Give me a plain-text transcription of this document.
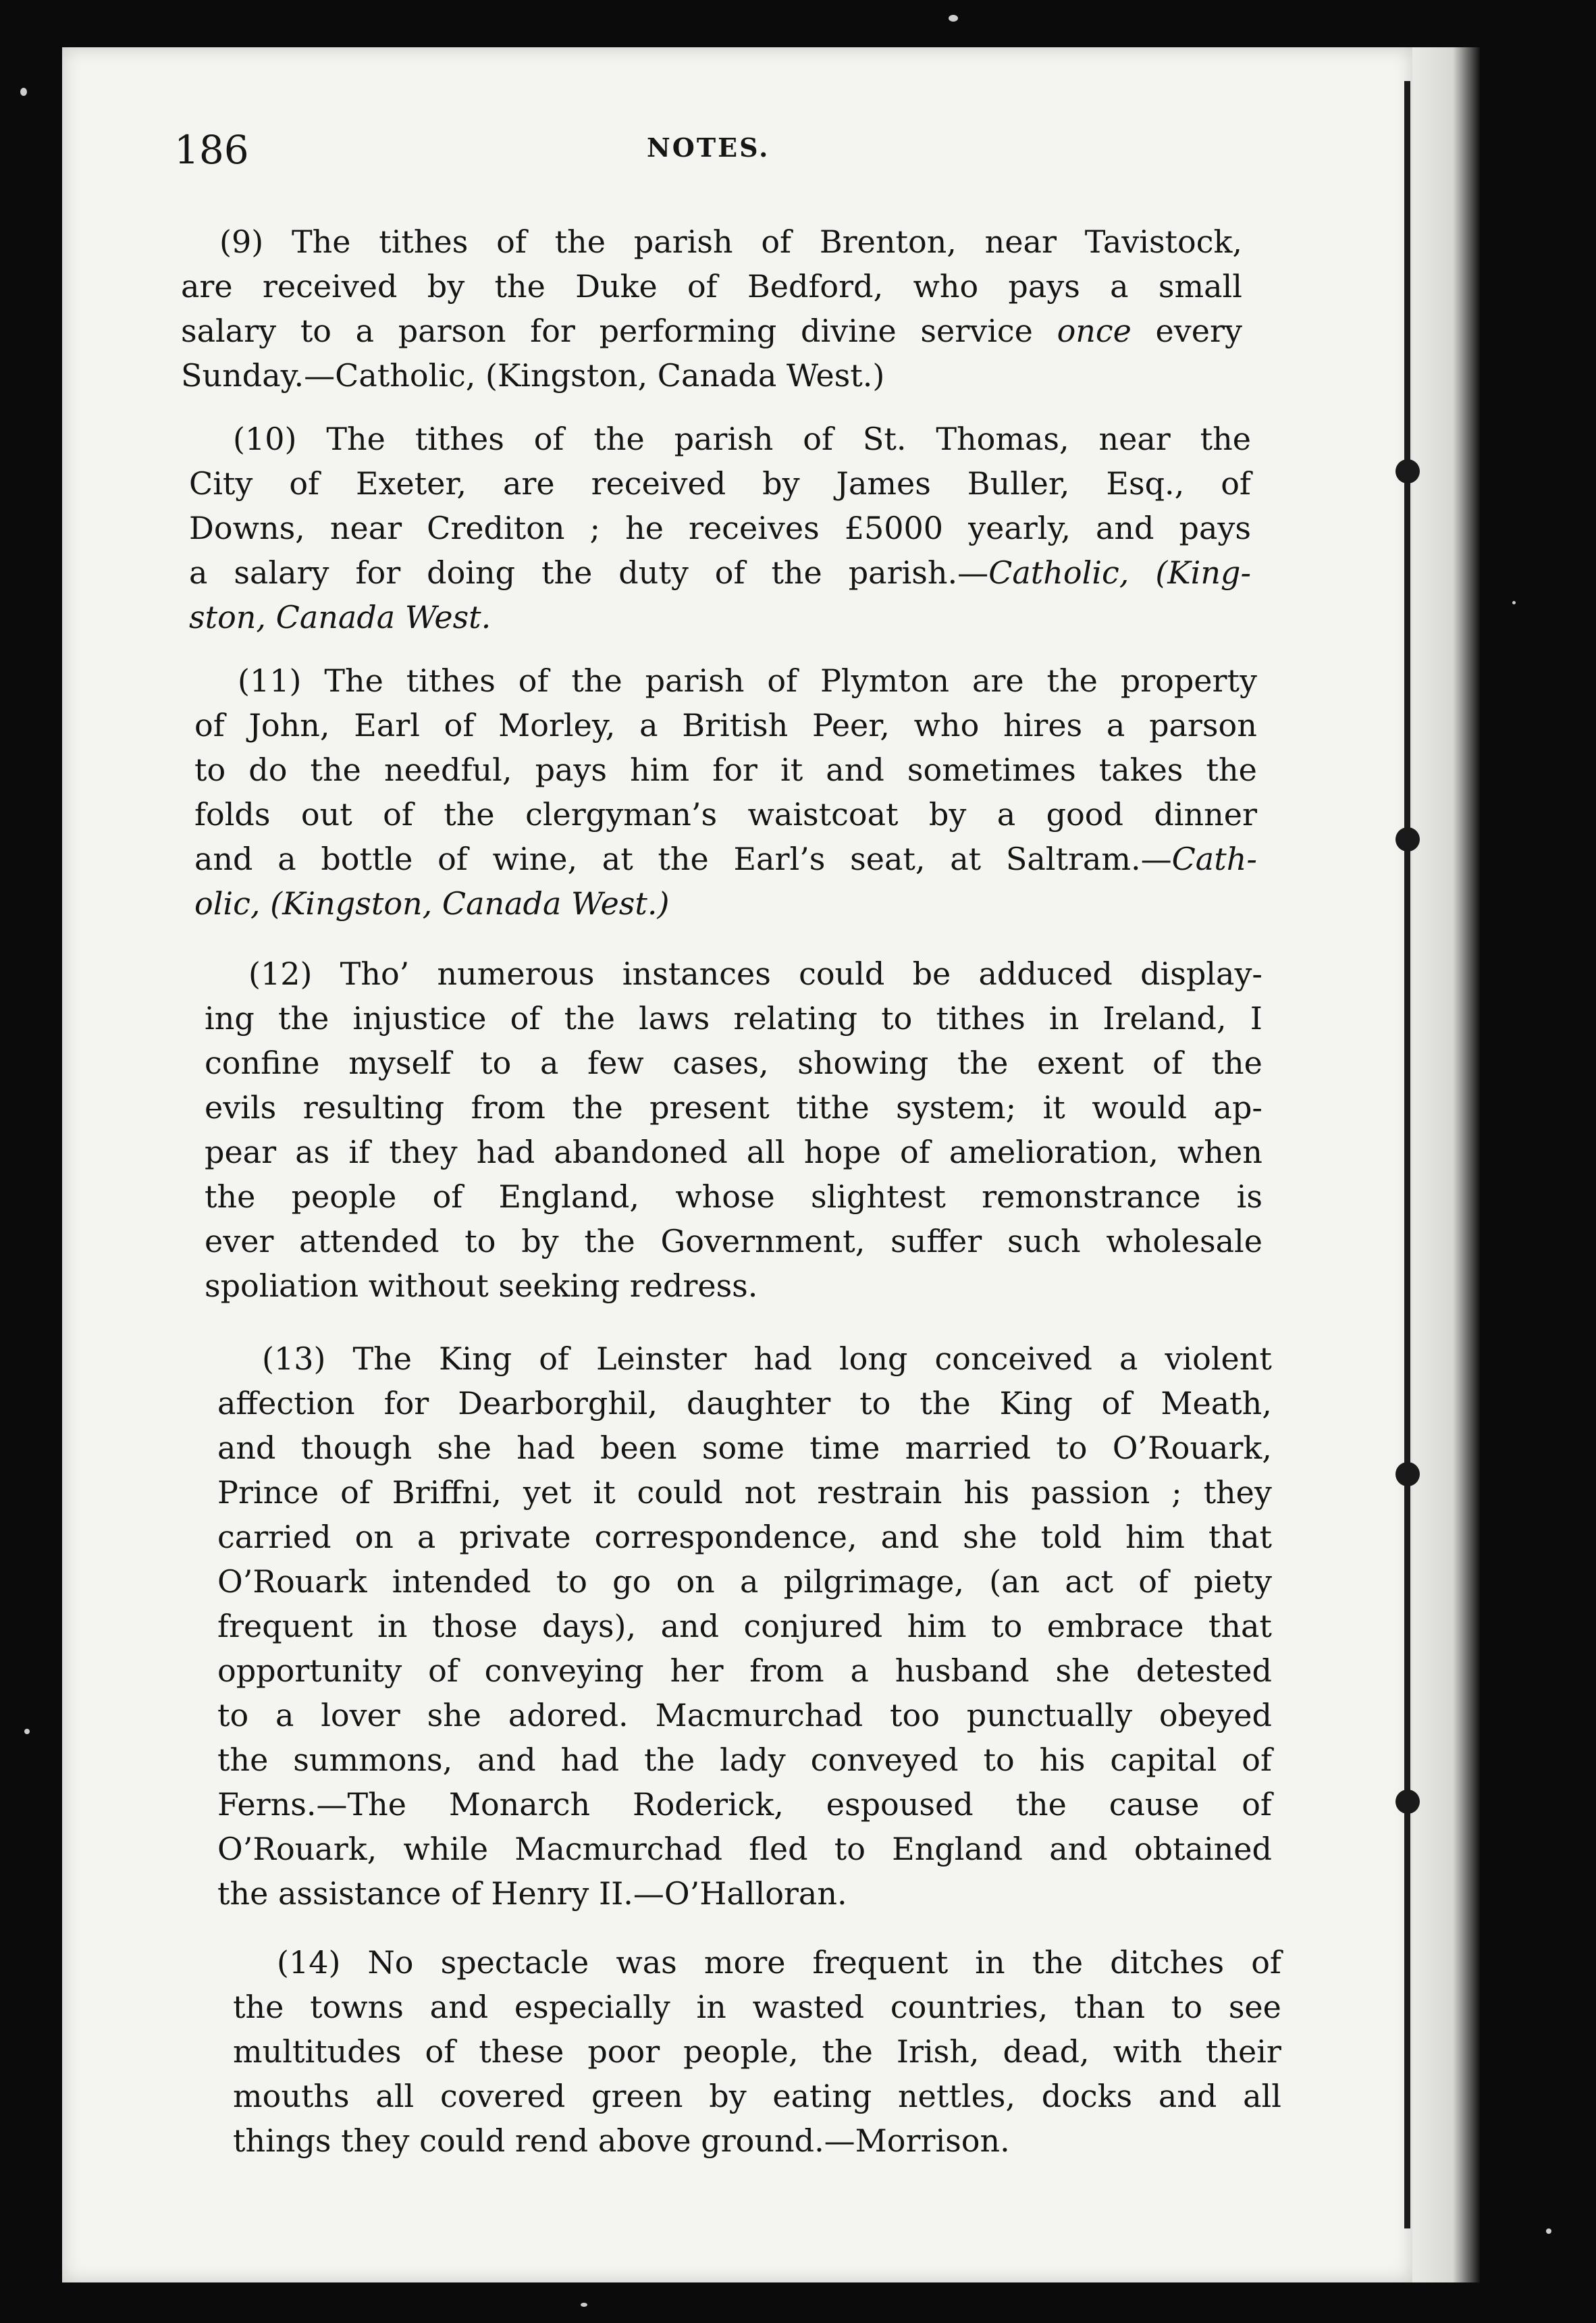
186	NOTES.
(9) The tithes of the parish of Brenton, near Tavistock,
are received by the Duke of Bedford, who pays a small
salary to a parson for performing divine service once every
Sunday.—Catholic, (Kingston, Canada West.)
(10) The tithes of the parish of St. Thomas, near the
City of Exeter, are received by James Buller, Esq., of
Downs, near Crediton ; he receives £5000 yearly, and pays
a salary for doing the duty of the parish.—Catholic, (King-
ston, Canada West.
(11) The tithes of the parish of Plymton are the property
of John, Earl of Morley, a British Peer, who hires a parson
to do the needful, pays him for it and sometimes takes the
folds out of the clergyman’s waistcoat by a good dinner
and a bottle of wine, at the Earl’s seat, at Saltram.—Cath-
olic, (Kingston, Canada West.)
(12) Tho’ numerous instances could be adduced display-
ing the injustice of the laws relating to tithes in Ireland, I
confine myself to a few cases, showing the exent of the
evils resulting from the present tithe system; it would ap-
pear as if they had abandoned all hope of amelioration, when
the people of England, whose slightest remonstrance is
ever attended to by the Government, suffer such wholesale
spoliation without seeking redress.
(13) The King of Leinster had long conceived a violent
affection for Dearborghil, daughter to the King of Meath,
and though she had been some time married to O’Rouark,
Prince of Briffni, yet it could not restrain his passion ; they
carried on a private correspondence, and she told him that
O’Rouark intended to go on a pilgrimage, (an act of piety
frequent in those days), and conjured him to embrace that
opportunity of conveying her from a husband she detested
to a lover she adored. Macmurchad too punctually obeyed
the summons, and had the lady conveyed to his capital of
Ferns.—The Monarch Roderick, espoused the cause of
O’Rouark, while Macmurchad fled to England and obtained
the assistance of Henry II.—O’Halloran.
(14) No spectacle was more frequent in the ditches of
the towns and especially in wasted countries, than to see
multitudes of these poor people, the Irish, dead, with their
mouths all covered green by eating nettles, docks and all
things they could rend above ground.—Morrison.
